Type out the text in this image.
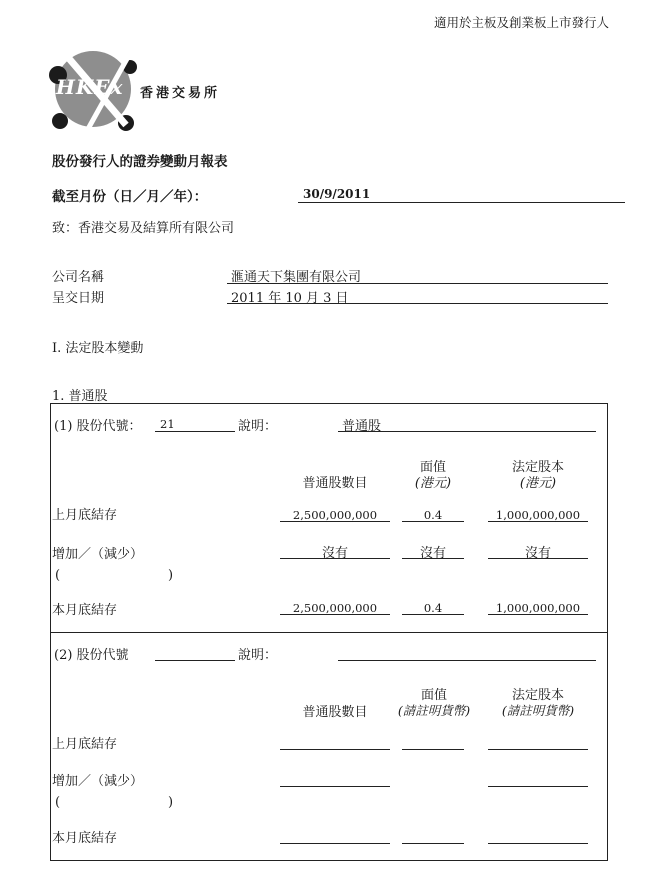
適用於主板及創業板上市發行人
HKEx 香港交易所
股份發行人的證券變動月報表
截至月份（日／月／年）：	30/9/2011
致：香港交易及結算所有限公司
公司名稱	滙通天下集團有限公司
呈交日期	2011 年 10 月 3 日
I. 法定股本變動
1. 普通股
(1) 股份代號： 21	說明：	普通股
普通股數目
面值
(港元)
法定股本
(港元)
上月底結存	2,500,000,000	0.4	1,000,000,000
增加／（減少）	沒有	沒有	沒有
(	)
本月底結存	2,500,000,000	0.4	1,000,000,000
(2) 股份代號	說明：
普通股數目
面值
(請註明貨幣)
法定股本
(請註明貨幣)
上月底結存
增加／（減少）
(	)
本月底結存
